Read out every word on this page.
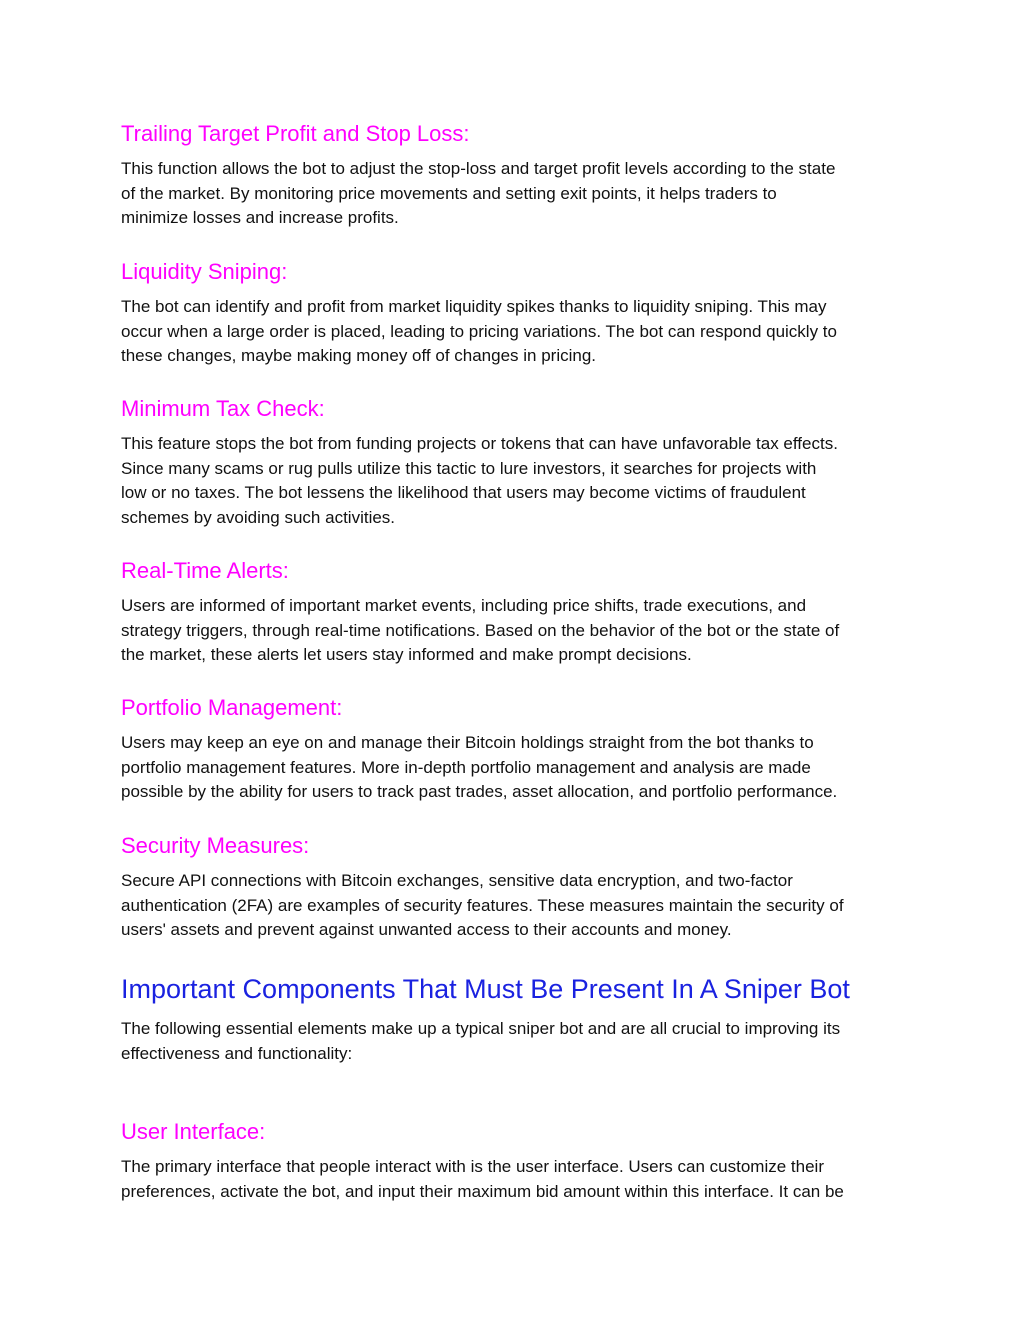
Trailing Target Profit and Stop Loss:

This function allows the bot to adjust the stop-loss and target profit levels according to the state
of the market. By monitoring price movements and setting exit points, it helps traders to
minimize losses and increase profits.

Liquidity Sniping:

The bot can identify and profit from market liquidity spikes thanks to liquidity sniping. This may
occur when a large order is placed, leading to pricing variations. The bot can respond quickly to
these changes, maybe making money off of changes in pricing.

Minimum Tax Check:

This feature stops the bot from funding projects or tokens that can have unfavorable tax effects.
Since many scams or rug pulls utilize this tactic to lure investors, it searches for projects with
low or no taxes. The bot lessens the likelihood that users may become victims of fraudulent
schemes by avoiding such activities.

Real-Time Alerts:

Users are informed of important market events, including price shifts, trade executions, and
strategy triggers, through real-time notifications. Based on the behavior of the bot or the state of
the market, these alerts let users stay informed and make prompt decisions.

Portfolio Management:

Users may keep an eye on and manage their Bitcoin holdings straight from the bot thanks to
portfolio management features. More in-depth portfolio management and analysis are made
possible by the ability for users to track past trades, asset allocation, and portfolio performance.

Security Measures:

Secure API connections with Bitcoin exchanges, sensitive data encryption, and two-factor
authentication (2FA) are examples of security features. These measures maintain the security of
users' assets and prevent against unwanted access to their accounts and money.

Important Components That Must Be Present In A Sniper Bot

The following essential elements make up a typical sniper bot and are all crucial to improving its
effectiveness and functionality:

User Interface:

The primary interface that people interact with is the user interface. Users can customize their
preferences, activate the bot, and input their maximum bid amount within this interface. It can be
